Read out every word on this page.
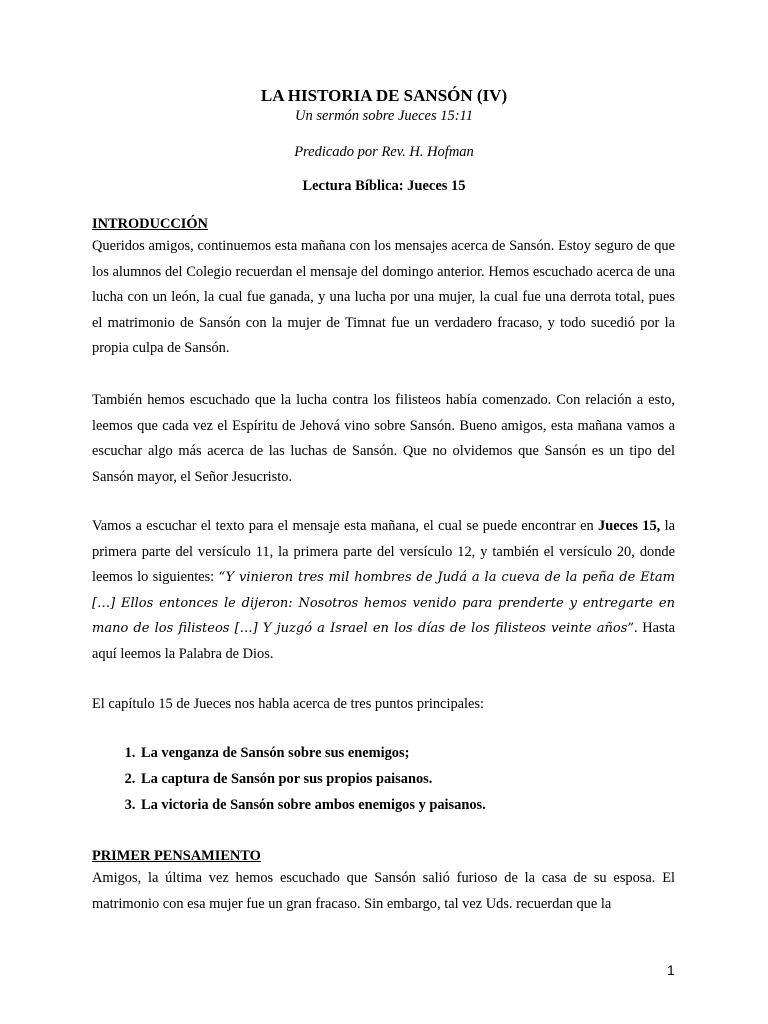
LA HISTORIA DE SANSÓN (IV)
Un sermón sobre Jueces 15:11
Predicado por Rev. H. Hofman
Lectura Bíblica: Jueces 15
INTRODUCCIÓN

Queridos amigos, continuemos esta mañana con los mensajes acerca de Sansón. Estoy seguro de que los alumnos del Colegio recuerdan el mensaje del domingo anterior. Hemos escuchado acerca de una lucha con un león, la cual fue ganada, y una lucha por una mujer, la cual fue una derrota total, pues el matrimonio de Sansón con la mujer de Timnat fue un verdadero fracaso, y todo sucedió por la propia culpa de Sansón.

También hemos escuchado que la lucha contra los filisteos había comenzado. Con relación a esto, leemos que cada vez el Espíritu de Jehová vino sobre Sansón. Bueno amigos, esta mañana vamos a escuchar algo más acerca de las luchas de Sansón. Que no olvidemos que Sansón es un tipo del Sansón mayor, el Señor Jesucristo.

Vamos a escuchar el texto para el mensaje esta mañana, el cual se puede encontrar en Jueces 15, la primera parte del versículo 11, la primera parte del versículo 12, y también el versículo 20, donde leemos lo siguientes: “Y vinieron tres mil hombres de Judá a la cueva de la peña de Etam […] Ellos entonces le dijeron: Nosotros hemos venido para prenderte y entregarte en mano de los filisteos […] Y juzgó a Israel en los días de los filisteos veinte años”. Hasta aquí leemos la Palabra de Dios.

El capítulo 15 de Jueces nos habla acerca de tres puntos principales:

1. La venganza de Sansón sobre sus enemigos;
2. La captura de Sansón por sus propios paisanos.
3. La victoria de Sansón sobre ambos enemigos y paisanos.
PRIMER PENSAMIENTO

Amigos, la última vez hemos escuchado que Sansón salió furioso de la casa de su esposa. El matrimonio con esa mujer fue un gran fracaso. Sin embargo, tal vez Uds. recuerdan que la

1
